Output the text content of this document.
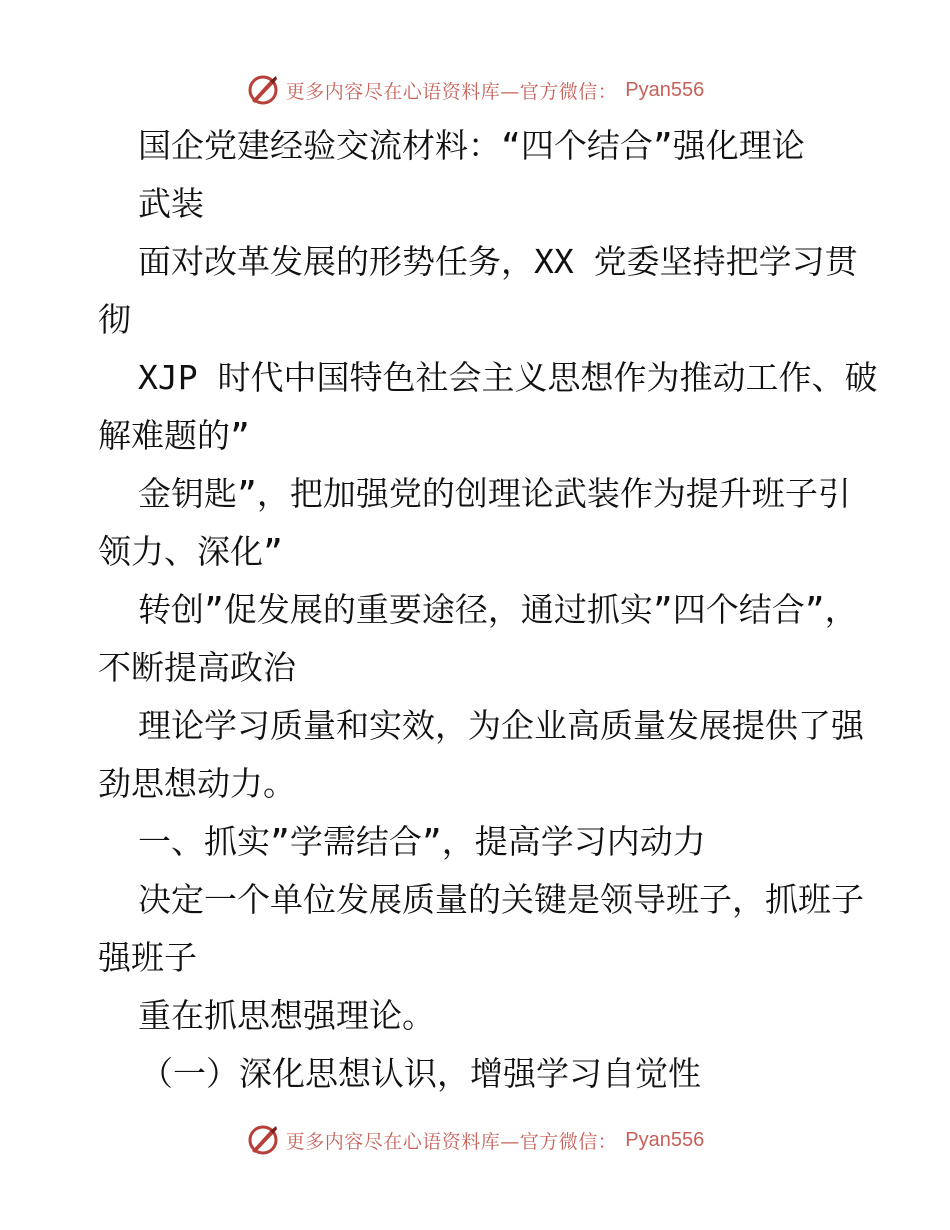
更多内容尽在心语资料库—官方微信： Pyan556
国企党建经验交流材料：“四个结合”强化理论
武装
面对改革发展的形势任务，XX 党委坚持把学习贯彻
XJP 时代中国特色社会主义思想作为推动工作、破解难题的”
金钥匙”，把加强党的创理论武装作为提升班子引领力、深化”
转创”促发展的重要途径，通过抓实”四个结合”，不断提高政治
理论学习质量和实效，为企业高质量发展提供了强劲思想动力。
一、抓实”学需结合”，提高学习内动力
决定一个单位发展质量的关键是领导班子，抓班子强班子
重在抓思想强理论。
（一）深化思想认识，增强学习自觉性
更多内容尽在心语资料库—官方微信： Pyan556
